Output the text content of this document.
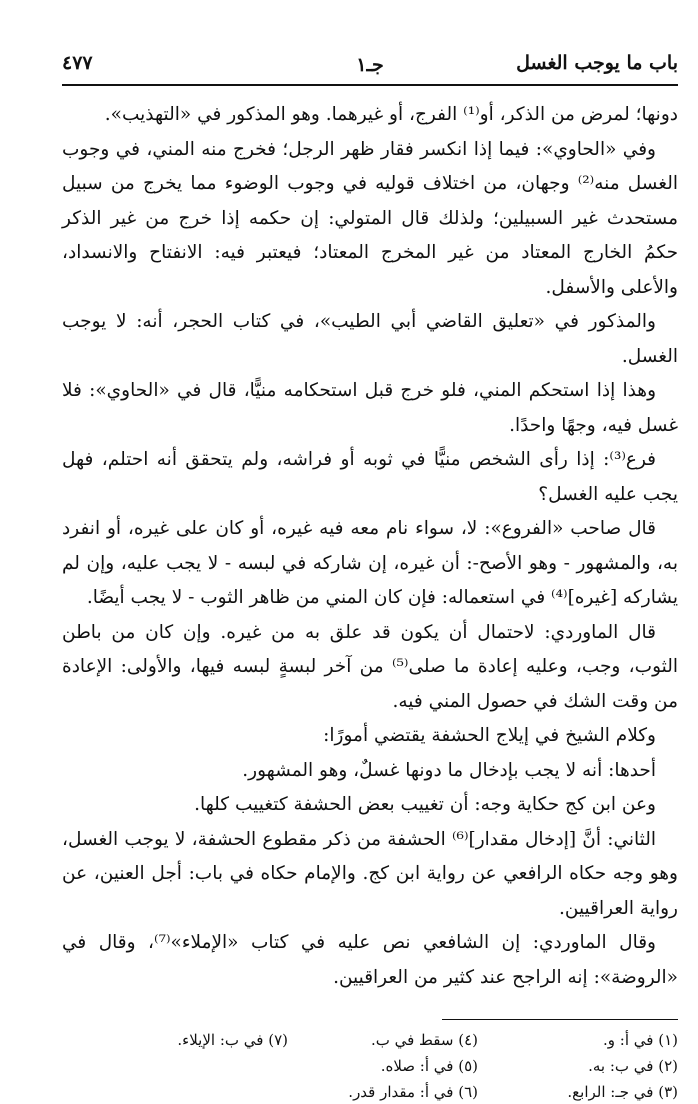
باب ما يوجب الغسل
جـ١
٤٧٧

دونها؛ لمرض من الذكر، أو⁽¹⁾ الفرج، أو غيرهما. وهو المذكور في «التهذيب».

وفي «الحاوي»: فيما إذا انكسر فقار ظهر الرجل؛ فخرج منه المني، في وجوب الغسل منه⁽²⁾ وجهان، من اختلاف قوليه في وجوب الوضوء مما يخرج من سبيل مستحدث غير السبيلين؛ ولذلك قال المتولي: إن حكمه إذا خرج من غير الذكر حكمُ الخارج المعتاد من غير المخرج المعتاد؛ فيعتبر فيه: الانفتاح والانسداد، والأعلى والأسفل.

والمذكور في «تعليق القاضي أبي الطيب»، في كتاب الحجر، أنه: لا يوجب الغسل.

وهذا إذا استحكم المني، فلو خرج قبل استحكامه منيًّا، قال في «الحاوي»: فلا غسل فيه، وجهًا واحدًا.

فرع⁽³⁾: إذا رأى الشخص منيًّا في ثوبه أو فراشه، ولم يتحقق أنه احتلم، فهل يجب عليه الغسل؟

قال صاحب «الفروع»: لا، سواء نام معه فيه غيره، أو كان على غيره، أو انفرد به، والمشهور - وهو الأصح-: أن غيره، إن شاركه في لبسه - لا يجب عليه، وإن لم يشاركه [غيره]⁽⁴⁾ في استعماله: فإن كان المني من ظاهر الثوب - لا يجب أيضًا.

قال الماوردي: لاحتمال أن يكون قد علق به من غيره. وإن كان من باطن الثوب، وجب، وعليه إعادة ما صلى⁽⁵⁾ من آخر لبسةٍ لبسه فيها، والأولى: الإعادة من وقت الشك في حصول المني فيه.

وكلام الشيخ في إيلاج الحشفة يقتضي أمورًا:

أحدها: أنه لا يجب بإدخال ما دونها غسلٌ، وهو المشهور.

وعن ابن كج حكاية وجه: أن تغييب بعض الحشفة كتغييب كلها.

الثاني: أنَّ [إدخال مقدار]⁽⁶⁾ الحشفة من ذكر مقطوع الحشفة، لا يوجب الغسل، وهو وجه حكاه الرافعي عن رواية ابن كج. والإمام حكاه في باب: أجل العنين، عن رواية العراقيين.

وقال الماوردي: إن الشافعي نص عليه في كتاب «الإملاء»⁽⁷⁾، وقال في «الروضة»: إنه الراجح عند كثير من العراقيين.

(١) في أ: و.
(٤) سقط في ب.
(٧) في ب: الإيلاء.
(٢) في ب: به.
(٥) في أ: صلاه.
(٣) في جـ: الرابع.
(٦) في أ: مقدار قدر.
